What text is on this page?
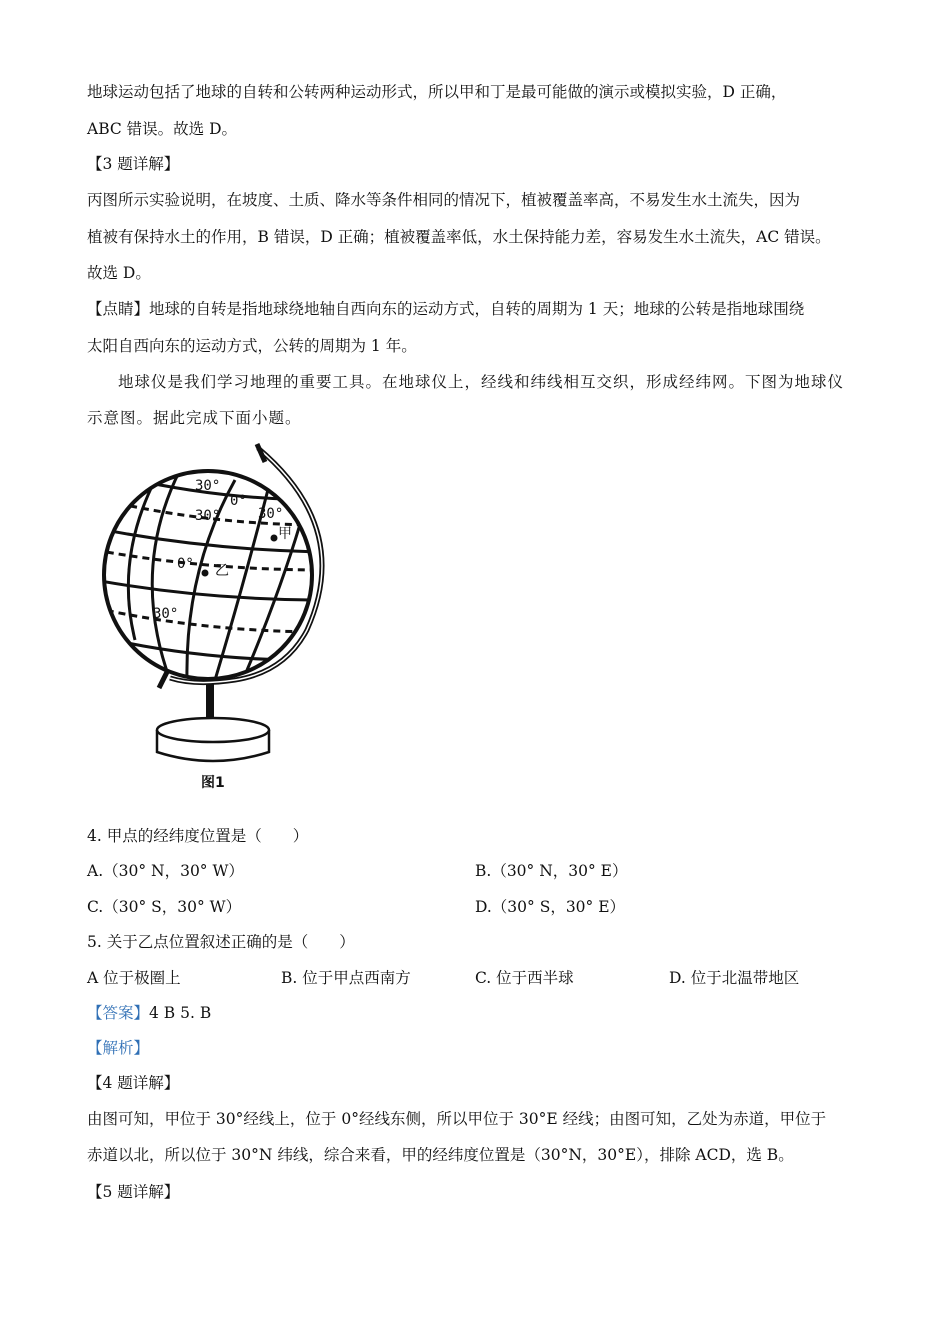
地球运动包括了地球的自转和公转两种运动形式，所以甲和丁是最可能做的演示或模拟实验，D 正确，
ABC 错误。故选 D。
【3 题详解】
丙图所示实验说明，在坡度、土质、降水等条件相同的情况下，植被覆盖率高，不易发生水土流失，因为
植被有保持水土的作用，B 错误，D 正确；植被覆盖率低，水土保持能力差，容易发生水土流失，AC 错误。
故选 D。
【点睛】地球的自转是指地球绕地轴自西向东的运动方式，自转的周期为 1 天；地球的公转是指地球围绕
太阳自西向东的运动方式，公转的周期为 1 年。
地球仪是我们学习地理的重要工具。在地球仪上，经线和纬线相互交织，形成经纬网。下图为地球仪
示意图。据此完成下面小题。
30°
0°
30°	30°
甲
0° 乙
30°
图1
4. 甲点的经纬度位置是（　　）
A.（30° N，30° W）	B.（30° N，30° E）
C.（30° S，30° W）	D.（30° S，30° E）
5. 关于乙点位置叙述正确的是（　　）
A 位于极圈上	B. 位于甲点西南方	C. 位于西半球	D. 位于北温带地区
【答案】4 B 5. B
【解析】
【4 题详解】
由图可知，甲位于 30°经线上，位于 0°经线东侧，所以甲位于 30°E 经线；由图可知，乙处为赤道，甲位于
赤道以北，所以位于 30°N 纬线，综合来看，甲的经纬度位置是（30°N，30°E），排除 ACD，选 B。
【5 题详解】
